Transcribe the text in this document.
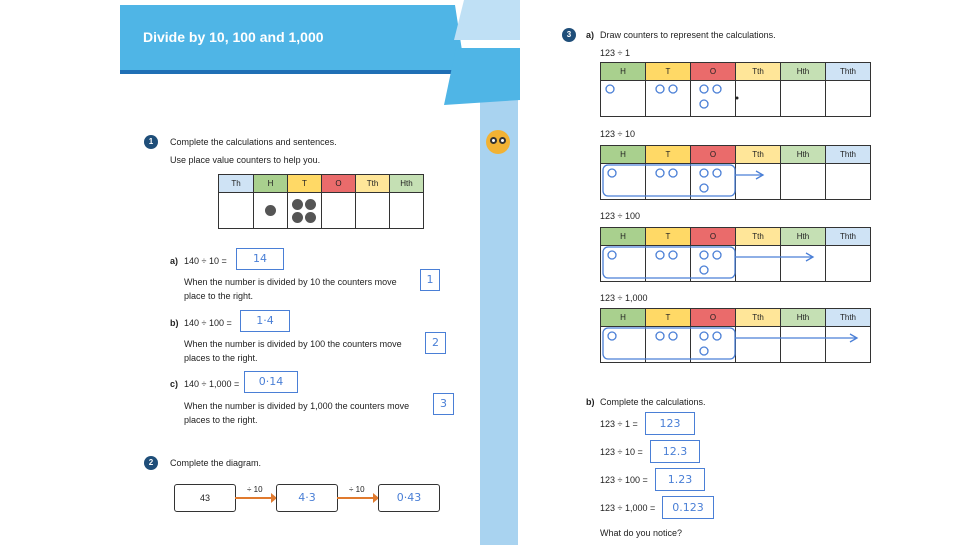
Divide by 10, 100 and 1,000
1	Complete the calculations and sentences.
Use place value counters to help you.
Th	H	T	O	Tth	Hth

a) 140 ÷ 10 =	14
When the number is divided by 10 the counters move	1
place to the right.
b) 140 ÷ 100 =	1·4
When the number is divided by 100 the counters move	2
places to the right.
c) 140 ÷ 1,000 =	0·14
When the number is divided by 1,000 the counters move	3
places to the right.
2	Complete the diagram.
43
÷ 10
4·3
÷ 10
0·43
3	a) Draw counters to represent the calculations.
123 ÷ 1
H	T	O	Tth	Hth	Thth

123 ÷ 10
H	T	O	Tth	Hth	Thth

123 ÷ 100
H	T	O	Tth	Hth	Thth

123 ÷ 1,000
H	T	O	Tth	Hth	Thth

b) Complete the calculations.
123 ÷ 1 =	123
123 ÷ 10 =	12.3
123 ÷ 100 =	1.23
123 ÷ 1,000 =	0.123
What do you notice?
